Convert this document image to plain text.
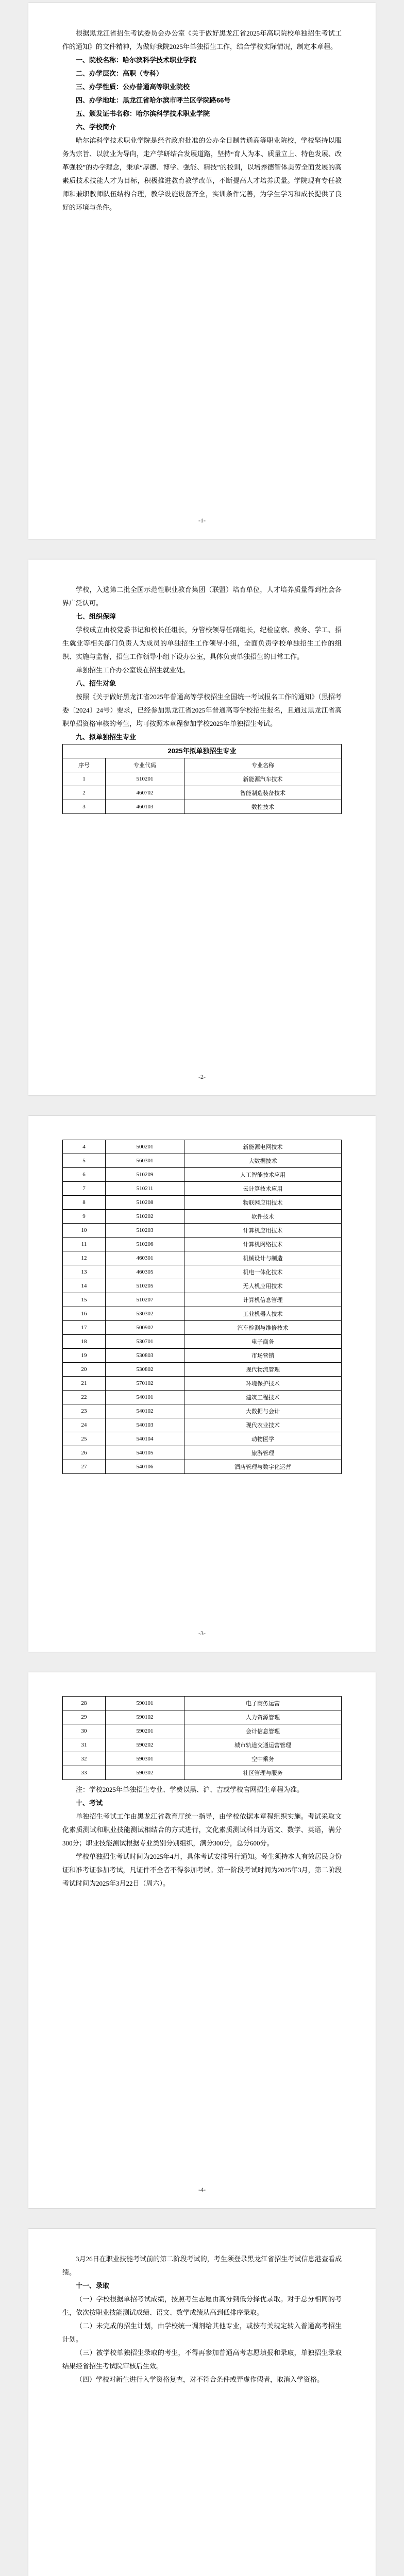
根据黑龙江省招生考试委员会办公室《关于做好黑龙江省2025年高职院校单独招生考试工作的通知》的文件精神，为做好我院2025年单独招生工作，结合学校实际情况，制定本章程。

一、院校名称：哈尔滨科学技术职业学院

二、办学层次：高职（专科）

三、办学性质：公办普通高等职业院校

四、办学地址：黑龙江省哈尔滨市呼兰区学院路66号

五、颁发证书名称：哈尔滨科学技术职业学院

六、学校简介

哈尔滨科学技术职业学院是经省政府批准的公办全日制普通高等职业院校，学校坚持以服务为宗旨、以就业为导向，走产学研结合发展道路，坚持“育人为本、质量立上、特色发展、改革强校”的办学理念，秉承“厚德、博学、强能、精技”的校训，以培养德智体美劳全面发展的高素质技术技能人才为目标，积极推进教育教学改革，不断提高人才培养质量。学院现有专任教师和兼职教师队伍结构合理，教学设施设备齐全，实训条件完善，为学生学习和成长提供了良好的环境与条件。

-1-

学校，入选第二批全国示范性职业教育集团（联盟）培育单位，人才培养质量得到社会各界广泛认可。

七、组织保障

学校成立由校党委书记和校长任组长，分管校领导任副组长，纪检监察、教务、学工、招生就业等相关部门负责人为成员的单独招生工作领导小组，全面负责学校单独招生工作的组织、实施与监督，招生工作领导小组下设办公室，具体负责单独招生的日常工作。

单独招生工作办公室设在招生就业处。

八、招生对象

按照《关于做好黑龙江省2025年普通高等学校招生全国统一考试报名工作的通知》（黑招考委〔2024〕24号）要求，已经参加黑龙江省2025年普通高等学校招生报名，且通过黑龙江省高职单招资格审核的考生，均可按照本章程参加学校2025年单独招生考试。

九、拟单独招生专业

2025年拟单独招生专业
序号	专业代码	专业名称
1	510201	新能源汽车技术
2	460702	智能制造装备技术
3	460103	数控技术
-2-
4	500201	新能源电网技术
5	560301	大数据技术
6	510209	人工智能技术应用
7	510211	云计算技术应用
8	510208	物联网应用技术
9	510202	软件技术
10	510203	计算机应用技术
11	510206	计算机网络技术
12	460301	机械设计与制造
13	460305	机电一体化技术
14	510205	无人机应用技术
15	510207	计算机信息管理
16	530302	工业机器人技术
17	500902	汽车检测与维修技术
18	530701	电子商务
19	530803	市场营销
20	530802	现代物流管理
21	570102	环境保护技术
22	540101	建筑工程技术
23	540102	大数据与会计
24	540103	现代农业技术
25	540104	动物医学
26	540105	旅游管理
27	540106	酒店管理与数字化运营
-3-
28	590101	电子商务运营
29	590102	人力资源管理
30	590201	会计信息管理
31	590202	城市轨道交通运营管理
32	590301	空中乘务
33	590302	社区管理与服务

注：学校2025年单独招生专业、学费以黑、沪、吉或学校官网招生章程为准。

十、考试

单独招生考试工作由黑龙江省教育厅统一指导，由学校依据本章程组织实施。考试采取文化素质测试和职业技能测试相结合的方式进行，文化素质测试科目为语文、数学、英语，满分300分；职业技能测试根据专业类别分别组织，满分300分，总分600分。

学校单独招生考试时间为2025年4月，具体考试安排另行通知。考生须持本人有效居民身份证和准考证参加考试，凡证件不全者不得参加考试。第一阶段考试时间为2025年3月，第二阶段考试时间为2025年3月22日（周六）。

-4-

3月26日在职业技能考试前的第二阶段考试的，考生须登录黑龙江省招生考试信息港查看成绩。

十一、录取

（一）学校根据单招考试成绩，按照考生志愿由高分到低分择优录取。对于总分相同的考生，依次按职业技能测试成绩、语文、数学成绩从高到低排序录取。

（二）未完成的招生计划，由学校统一调剂给其他专业，或按有关规定转入普通高考招生计划。

（三）被学校单独招生录取的考生，不得再参加普通高考志愿填报和录取，单独招生录取结果经省招生考试院审核后生效。

（四）学校对新生进行入学资格复查，对不符合条件或弄虚作假者，取消入学资格。
